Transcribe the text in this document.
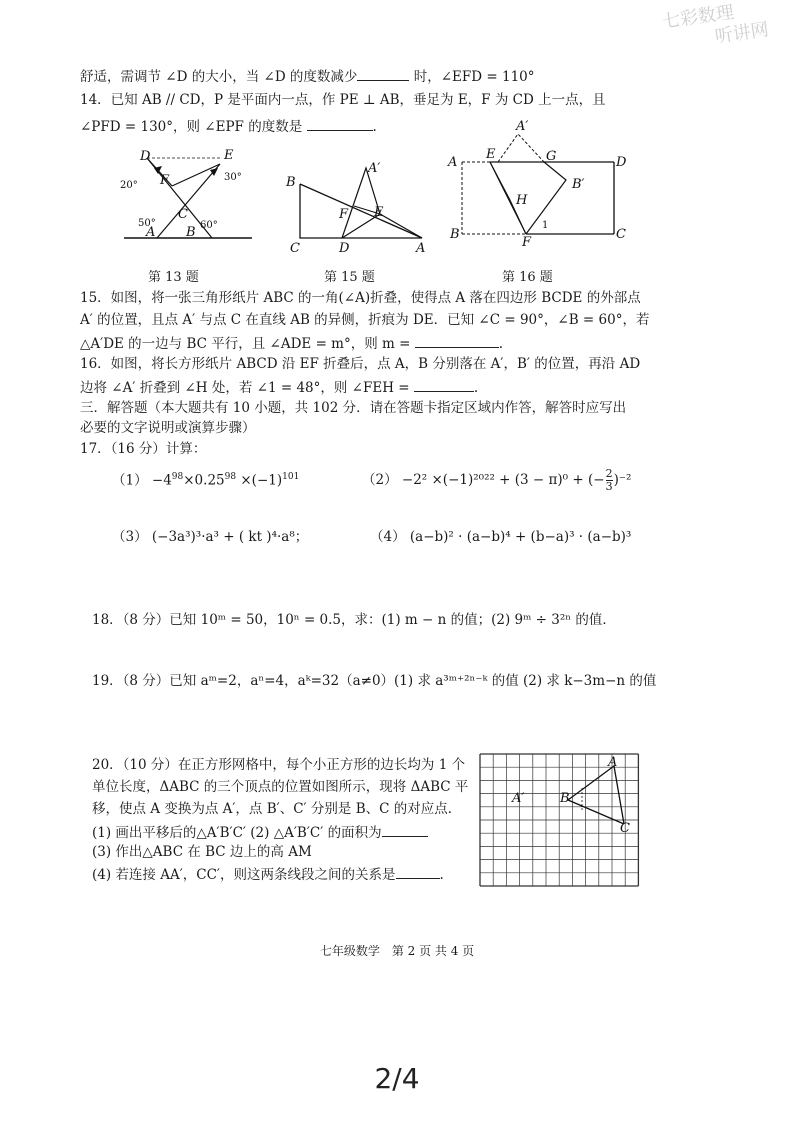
七彩数理
听讲网
舒适，需调节 ∠D 的大小，当 ∠D 的度数减少	时，∠EFD = 110°
14．已知 AB // CD，P 是平面内一点，作 PE ⊥ AB，垂足为 E，F 为 CD 上一点，且
∠PFD = 130°，则 ∠EPF 的度数是	.
D	E
F
C
A B
20°
30°
50°	60°
B
A′
F E
C	D	A
A′
A
E	G	D
H
B′
1
B
F
C
第 13 题	第 15 题	第 16 题
15．如图，将一张三角形纸片 ABC 的一角(∠A)折叠，使得点 A 落在四边形 BCDE 的外部点
A′ 的位置，且点 A′ 与点 C 在直线 AB 的异侧，折痕为 DE．已知 ∠C = 90°，∠B = 60°，若
△A′DE 的一边与 BC 平行，且 ∠ADE = m°，则 m =	.
16．如图，将长方形纸片 ABCD 沿 EF 折叠后，点 A，B 分别落在 A′，B′ 的位置，再沿 AD
边将 ∠A′ 折叠到 ∠H 处，若 ∠1 = 48°，则 ∠FEH =	.
三．解答题（本大题共有 10 小题，共 102 分．请在答题卡指定区域内作答，解答时应写出
必要的文字说明或演算步骤）
17．（16 分）计算：
$(1) -4^{98}\times 0.25^{98} \times(-1)^{101}$	（2） −2² ×(−1)²⁰²² + (3 − π)⁰ + (− $\frac{2}{3} )^{-2}$
（3） (−3a³)³·a³ + ( kt )⁴·a⁸；	（4） (a−b)² · (a−b)⁴ + (b−a)³ · (a−b)³
18．（8 分）已知 10ᵐ = 50，10ⁿ = 0.5，求：(1) m − n 的值；(2) 9ᵐ ÷ 3²ⁿ 的值．
19．（8 分）已知 aᵐ=2，aⁿ=4，aᵏ=32（a≠0）(1) 求 a³ᵐ⁺²ⁿ⁻ᵏ 的值 (2) 求 k−3m−n 的值
20．（10 分）在正方形网格中，每个小正方形的边长均为 1 个
单位长度，ΔABC 的三个顶点的位置如图所示，现将 ΔABC 平
移，使点 A 变换为点 A′，点 B′、C′ 分别是 B、C 的对应点．
(1) 画出平移后的△A′B′C′ (2) △A′B′C′ 的面积为
(3) 作出△ABC 在 BC 边上的高 AM
(4) 若连接 AA′，CC′，则这两条线段之间的关系是	.
A
A′	B
C
七年级数学　第 2 页 共 4 页
2/4
